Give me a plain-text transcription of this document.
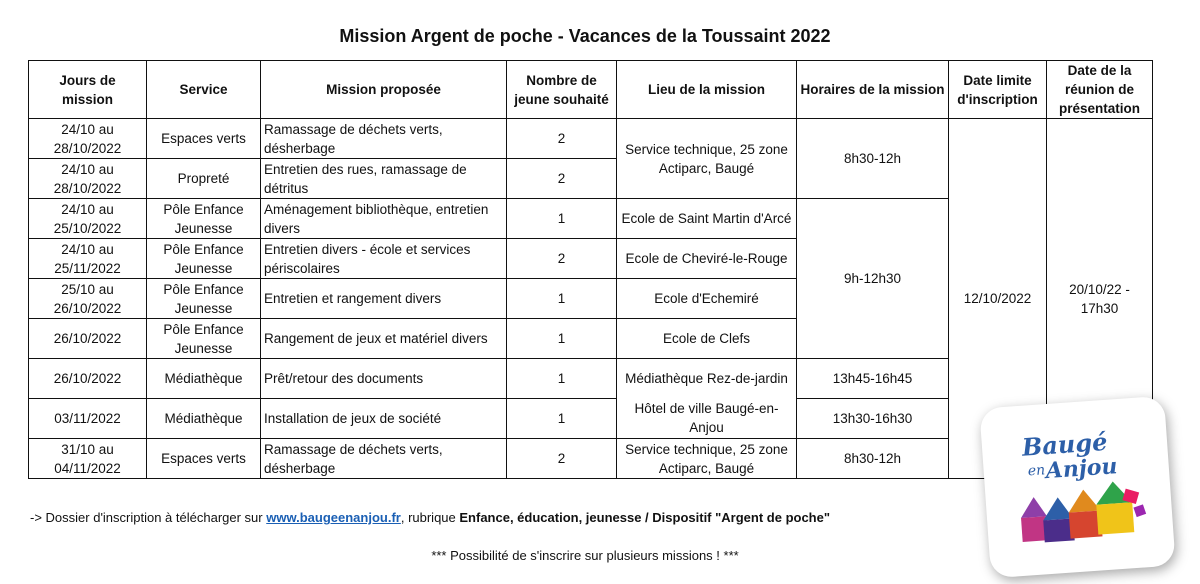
Mission Argent de poche - Vacances de la Toussaint 2022
Jours de mission	Service	Mission proposée	Nombre de jeune souhaité	Lieu de la mission	Horaires de la mission	Date limite d'inscription	Date de la réunion de présentation
24/10 au 28/10/2022	Espaces verts	Ramassage de déchets verts, désherbage	2	Service technique, 25 zone Actiparc, Baugé	8h30-12h	12/10/2022	20/10/22 - 17h30
24/10 au 28/10/2022	Propreté	Entretien des rues, ramassage de détritus	2				
24/10 au 25/10/2022	Pôle Enfance Jeunesse	Aménagement bibliothèque, entretien divers	1	Ecole de Saint Martin d'Arcé	9h-12h30		
24/10 au 25/11/2022	Pôle Enfance Jeunesse	Entretien divers - école et services périscolaires	2	Ecole de Cheviré-le-Rouge			
25/10 au 26/10/2022	Pôle Enfance Jeunesse	Entretien et rangement divers	1	Ecole d'Echemiré			
26/10/2022	Pôle Enfance Jeunesse	Rangement de jeux et matériel divers	1	Ecole de Clefs			
26/10/2022	Médiathèque	Prêt/retour des documents	1	Médiathèque Rez-de-jardin	13h45-16h45		
03/11/2022	Médiathèque	Installation de jeux de société	1	Hôtel de ville Baugé-en-Anjou	13h30-16h30		
31/10 au 04/11/2022	Espaces verts	Ramassage de déchets verts, désherbage	2	Service technique, 25 zone Actiparc, Baugé	8h30-12h		
-> Dossier d'inscription à télécharger sur www.baugeenanjou.fr, rubrique Enfance, éducation, jeunesse / Dispositif "Argent de poche"
*** Possibilité de s'inscrire sur plusieurs missions ! ***
Baugé
en Anjou
